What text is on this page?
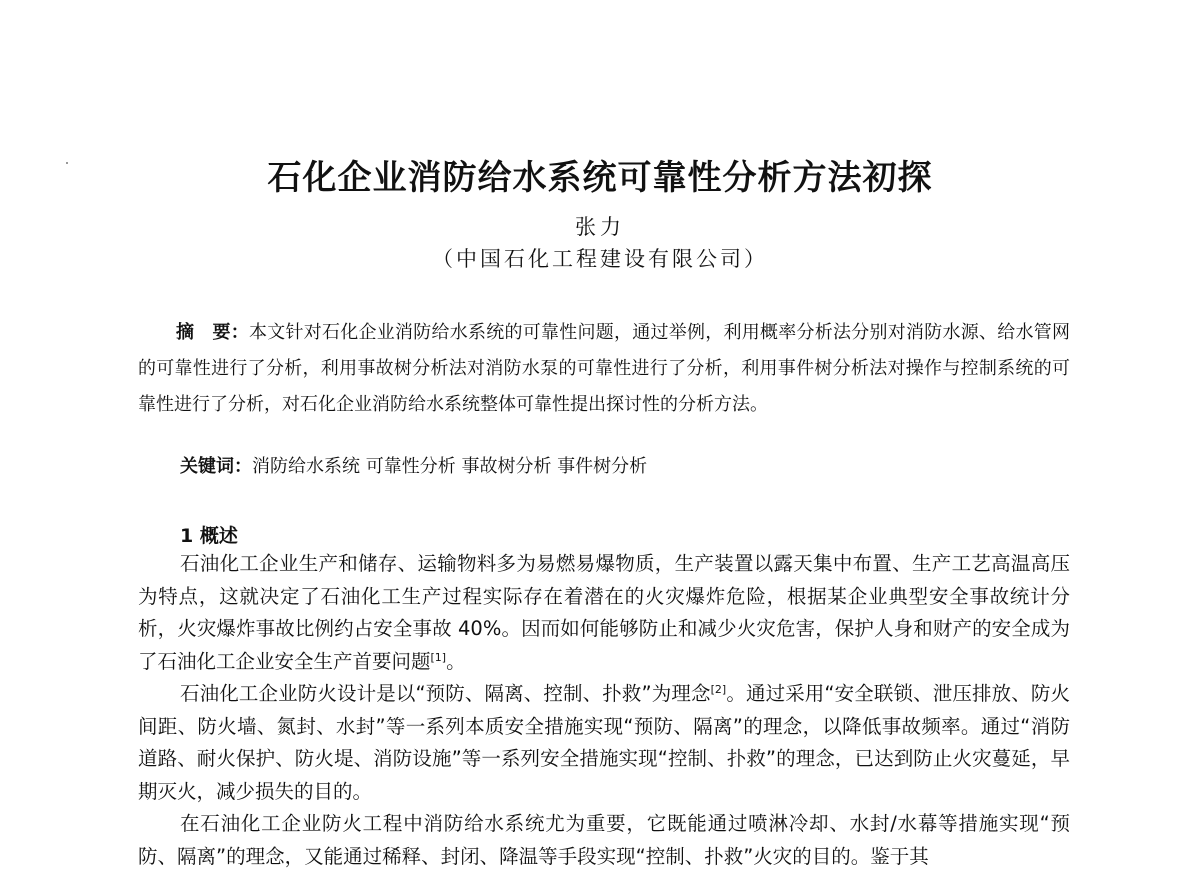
石化企业消防给水系统可靠性分析方法初探
张力
（中国石化工程建设有限公司）
摘　要：本文针对石化企业消防给水系统的可靠性问题，通过举例，利用概率分析法分别对消防水源、给水管网的可靠性进行了分析，利用事故树分析法对消防水泵的可靠性进行了分析，利用事件树分析法对操作与控制系统的可靠性进行了分析，对石化企业消防给水系统整体可靠性提出探讨性的分析方法。
关键词：消防给水系统 可靠性分析 事故树分析 事件树分析
1 概述

石油化工企业生产和储存、运输物料多为易燃易爆物质，生产装置以露天集中布置、生产工艺高温高压为特点，这就决定了石油化工生产过程实际存在着潜在的火灾爆炸危险，根据某企业典型安全事故统计分析，火灾爆炸事故比例约占安全事故 40%。因而如何能够防止和减少火灾危害，保护人身和财产的安全成为了石油化工企业安全生产首要问题[1]。

石油化工企业防火设计是以“预防、隔离、控制、扑救”为理念[2]。通过采用“安全联锁、泄压排放、防火间距、防火墙、氮封、水封”等一系列本质安全措施实现“预防、隔离”的理念，以降低事故频率。通过“消防道路、耐火保护、防火堤、消防设施”等一系列安全措施实现“控制、扑救”的理念，已达到防止火灾蔓延，早期灭火，减少损失的目的。

在石油化工企业防火工程中消防给水系统尤为重要，它既能通过喷淋冷却、水封/水幕等措施实现“预防、隔离”的理念，又能通过稀释、封闭、降温等手段实现“控制、扑救”火灾的目的。鉴于其
